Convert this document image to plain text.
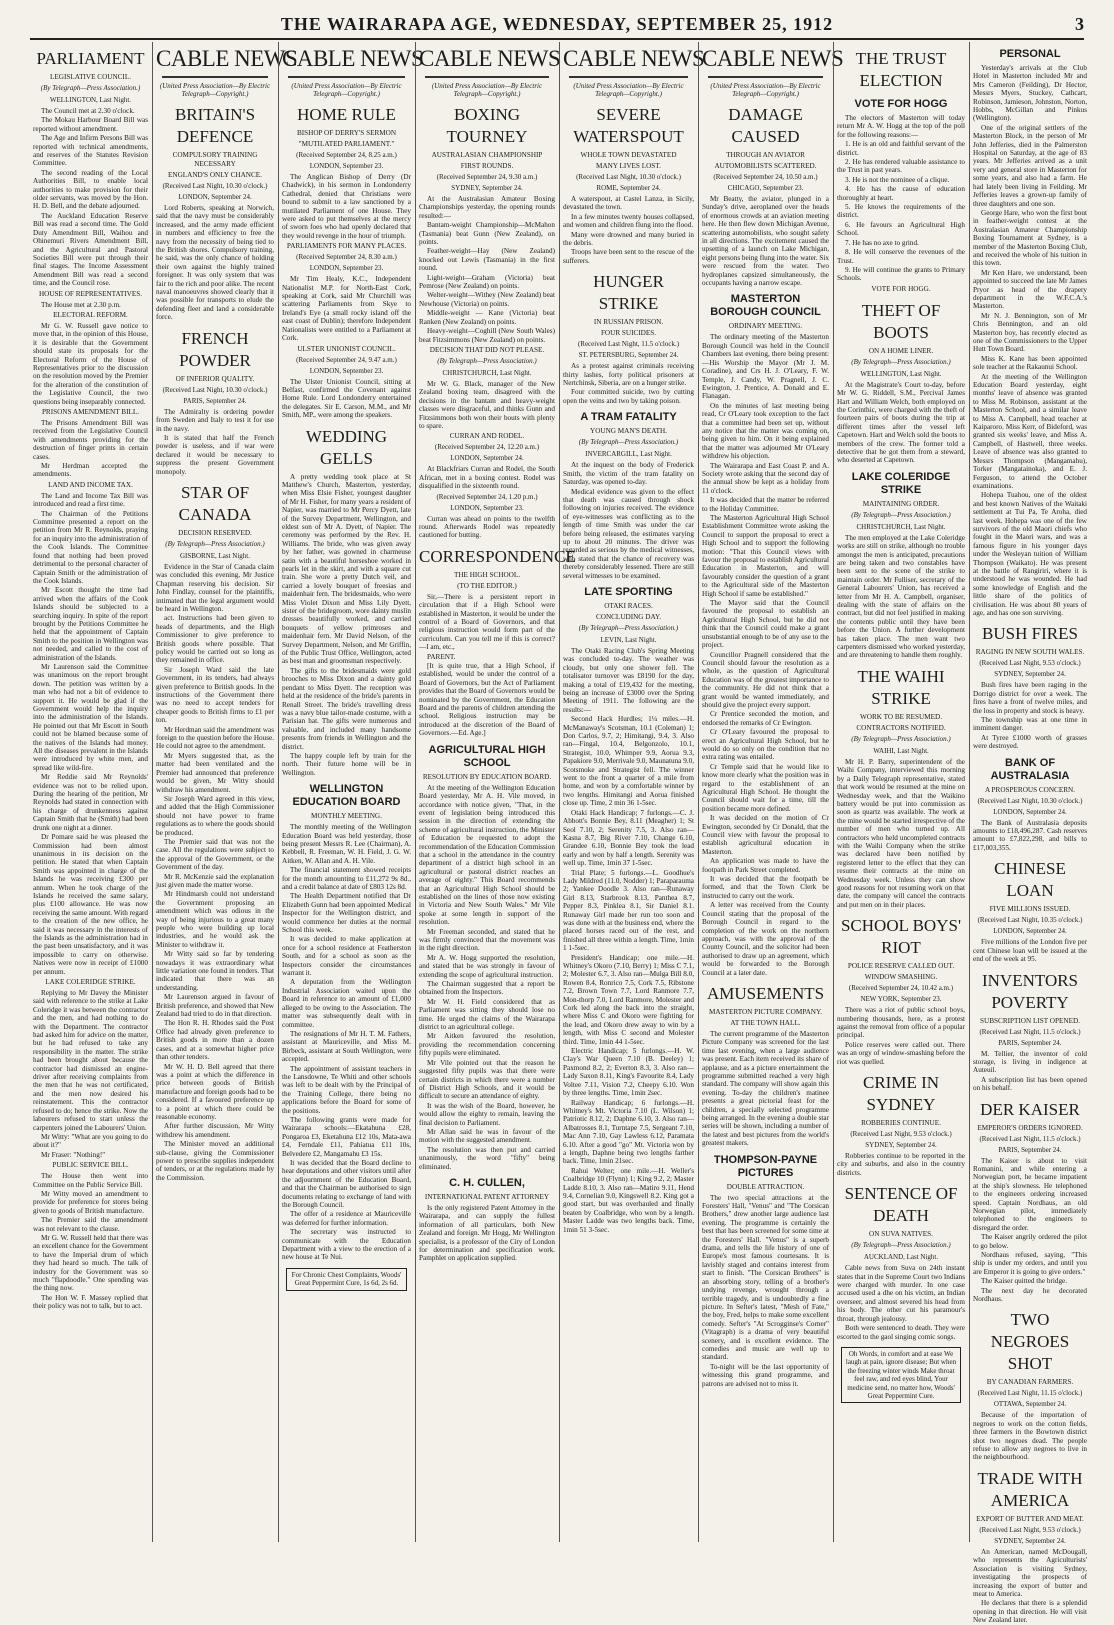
THE WAIRARAPA AGE, WEDNESDAY, SEPTEMBER 25, 1912	3
PARLIAMENT
LEGISLATIVE COUNCIL.
(By Telegraph—Press Association.)
WELLINGTON, Last Night.

The Council met at 2.30 o'clock.

The Mokau Harbour Board Bill was reported without amendment.

The Age and Infirm Persons Bill was reported with technical amendments, and reserves of the Statutes Revision Committee.

The second reading of the Local Authorities Bill, to enable local authorities to make provision for their older servants, was moved by the Hon. H. D. Bell, and the debate adjourned.

The Auckland Education Reserve Bill was read a second time. The Gold Duty Amendment Bill, Waihou and Ohinemuri Rivers Amendment Bill, and the Agricultural and Pastoral Societies Bill were put through their final stages. The Income Assessment Amendment Bill was read a second time, and the Council rose.

HOUSE OF REPRESENTATIVES.

The House met at 2.30 p.m.

ELECTORAL REFORM.

Mr G. W. Russell gave notice to move that, in the opinion of this House, it is desirable that the Government should state its proposals for the Electoral Reform of the House of Representatives prior to the discussion on the resolution moved by the Premier for the alteration of the constitution of the Legislative Council, the two questions being inseparably connected.

PRISONS AMENDMENT BILL.

The Prisons Amendment Bill was received from the Legislative Council with amendments providing for the destruction of finger prints in certain cases.

Mr Herdman accepted the amendments.

LAND AND INCOME TAX.

The Land and Income Tax Bill was introduced and read a first time.

The Chairman of the Petitions Committee presented a report on the petition from Mr R. Reynolds, praying for an inquiry into the administration of the Cook Islands. The Committee found that nothing had been proved detrimental to the personal character of Captain Smith or the administration of the Cook Islands.

Mr Escott thought the time had arrived when the affairs of the Cook Islands should be subjected to a searching inquiry. In spite of the report brought by the Petitions Committee he held that the appointment of Captain Smith to the position in Wellington was not needed, and called to the cost of administration of the Islands.

Mr Laurenson said the Committee was unanimous on the report brought down. The petition was written by a man who had not a bit of evidence to support it. He would be glad if the Government would help the inquiry into the administration of the Islands. He pointed out that Mr Escott in South could not be blamed because some of the natives of the Islands had money. All the diseases prevalent in the Islands were introduced by white men, and spread like wild-fire.

Mr Reddie said Mr Reynolds' evidence was not to be relied upon. During the hearing of the petition, Mr Reynolds had stated in connection with his charge of drunkenness against Captain Smith that he (Smith) had been drunk one night at a dinner.

Dr Pomare said he was pleased the Commission had been almost unanimous in its decision on the petition. He stated that when Captain Smith was appointed in charge of the Islands he was receiving £300 per annum. When he took charge of the Islands he received the same salary, plus £100 allowance. He was now receiving the same amount. With regard to the creation of the new office, he said it was necessary in the interests of the Islands as the administration had in the past been unsatisfactory, and it was impossible to carry on otherwise. Natives were now in receipt of £1000 per annum.

LAKE COLERIDGE STRIKE.

Replying to Mr Davey the Minister said with reference to the strike at Lake Coleridge it was between the contractor and the men, and had nothing to do with the Department. The contractor had asked him for advice on the matter, but he had refused to take any responsibility in the matter. The strike had been brought about because the contractor had dismissed an engine-driver after receiving complaints from the men that he was not certificated, and the men now desired his reinstatement. This the contractor refused to do; hence the strike. Now the labourers refused to start unless the carpenters joined the Labourers' Union.

Mr Witty: "What are you going to do about it?"

Mr Fraser: "Nothing!"

PUBLIC SERVICE BILL.

The House then went into Committee on the Public Service Bill.

Mr Witty moved an amendment to provide for preference for stores being given to goods of British manufacture.

The Premier said the amendment was not relevant to the clause.

Mr G. W. Russell held that there was an excellent chance for the Government to have the Imperial drum of which they had heard so much. The talk of industry for the Government was so much "flapdoodle." One spending was the thing now.

The Hon W. F. Massey replied that their policy was not to talk, but to act.

CABLE NEWS
(United Press Association—By Electric Telegraph—Copyright.)
BRITAIN'S DEFENCE
COMPULSORY TRAINING NECESSARY
ENGLAND'S ONLY CHANCE.
(Received Last Night, 10.30 o'clock.)
LONDON, September 24.

Lord Roberts, speaking at Norwich, said that the navy must be considerably increased, and the army made efficient in numbers and efficiency to free the navy from the necessity of being tied to the British shores. Compulsory training, he said, was the only chance of holding their own against the highly trained foreigner. It was only system that was fair to the rich and poor alike. The recent naval manoeuvres showed clearly that it was possible for transports to elude the defending fleet and land a considerable force.

FRENCH POWDER
OF INFERIOR QUALITY.
(Received Last Night, 10.30 o'clock.)
PARIS, September 24.

The Admiralty is ordering powder from Sweden and Italy to test it for use in the navy.

It is stated that half the French powder is useless, and if war were declared it would be necessary to suppress the present Government monopoly.

STAR OF CANADA
DECISION RESERVED.
(By Telegraph—Press Association.)
GISBORNE, Last Night.

Evidence in the Star of Canada claim was concluded this evening, Mr Justice Chapman reserving his decision. Sir John Findlay, counsel for the plaintiffs, intimated that the legal argument would be heard in Wellington.

act. Instructions had been given to heads of departments, and the High Commissioner to give preference to British goods where possible. That policy would be carried out so long as they remained in office.

Sir Joseph Ward said the late Government, in its tenders, had always given preference to British goods. In the instructions of the Government there was no need to accept tenders for cheaper goods to British firms to £1 per ton.

Mr Herdman said the amendment was foreign to the question before the House. He could not agree to the amendment.

Mr Myers suggested that, as the matter had been ventilated and the Premier had announced that preference would be given, Mr Witty should withdraw his amendment.

Sir Joseph Ward agreed in this view, and added that the High Commissioner should not have power to frame regulations as to where the goods should be produced.

The Premier said that was not the case. All the regulations were subject to the approval of the Government, or the Government of the day.

Mr R. McKenzie said the explanation just given made the matter worse.

Mr Hindmarsh could not understand the Government proposing an amendment which was odious in the way of being injurious to a great many people who were building up local industries, and he would ask the Minister to withdraw it.

Mr Witty said so far by tendering nowadays it was extraordinary what little variation one found in tenders. That indicated that there was an understanding.

Mr Laurenson argued in favour of British preference, and showed that New Zealand had tried to do in that direction.

The Hon R. H. Rhodes said the Post Office had already given preference to British goods in more than a dozen cases, and at a somewhat higher price than other tenders.

Mr W. H. D. Bell agreed that there was a point at which the difference in price between goods of British manufacture and foreign goods had to be considered. If a favoured preference up to a point at which there could be reasonable economy.

After further discussion, Mr Witty withdrew his amendment.

The Minister moved an additional sub-clause, giving the Commissioner power to prescribe supplies independent of tenders, or at the regulations made by the Commission.

CABLE NEWS
(United Press Association—By Electric Telegraph—Copyright.)
HOME RULE
BISHOP OF DERRY'S SERMON
"MUTILATED PARLIAMENT."
(Received September 24, 8.25 a.m.)
LONDON, September 23.

The Anglican Bishop of Derry (Dr Chadwick), in his sermon in Londonderry Cathedral, denied that Christians were bound to submit to a law sanctioned by a mutilated Parliament of one House. They were asked to put themselves at the mercy of sworn foes who had openly declared that they would revenge in the hour of triumph.

PARLIAMENTS FOR MANY PLACES.
(Received September 24, 8.30 a.m.)
LONDON, September 23.

Mr Tim Healy, K.C., Independent Nationalist M.P. for North-East Cork, speaking at Cork, said Mr Churchill was scattering Parliaments from Skye to Ireland's Eye (a small rocky island off the east coast of Dublin); therefore Independent Nationalists were entitled to a Parliament at Cork.

ULSTER UNIONIST COUNCIL.
(Received September 24, 9.47 a.m.)
LONDON, September 23.

The Ulster Unionist Council, sitting at Belfast, confirmed the Covenant against Home Rule. Lord Londonderry entertained the delegates. Sir E. Carson, M.M., and Mr Smith, MP., were among the speakers.

WEDDING GELLS

A pretty wedding took place at St Matthew's Church, Masterton, yesterday, when Miss Elsie Fisher, youngest daughter of Mr H. Fisher, for many years a resident of Napier, was married to Mr Percy Dyett, late of the Survey Department, Wellington, and eldest son of Mr A. Dyett, of Napier. The ceremony was performed by the Rev. H. Williams. The bride, who was given away by her father, was gowned in charmeuse satin with a beautiful horseshoe worked in pearls let in the skirt, and with a square cut train. She wore a pretty Dutch veil, and carried a lovely bouquet of freesias and maidenhair fern. The bridesmaids, who were Miss Violet Dixon and Miss Lily Dyett, sister of the bridegroom, wore dainty muslin dresses beautifully worked, and carried bouquets of yellow primroses and maidenhair fern. Mr David Nelson, of the Survey Department, Nelson, and Mr Griffin, of the Public Trust Office, Wellington, acted as best man and groomsman respectively.

The gifts to the bridesmaids were gold brooches to Miss Dixon and a dainty gold pendant to Miss Dyett. The reception was held at the residence of the bride's parents in Renall Street. The bride's travelling dress was a navy blue tailor-made costume, with a Parisian hat. The gifts were numerous and valuable, and included many handsome presents from friends in Wellington and the district.

The happy couple left by train for the north. Their future home will be in Wellington.

WELLINGTON EDUCATION BOARD
MONTHLY MEETING.

The monthly meeting of the Wellington Education Board was held yesterday, those being present Messrs R. Lee (Chairman), A. Kebbell, R. Freeman, W. H. Field, J. G. W. Aitken, W. Allan and A. H. Vile.

The financial statement showed receipts for the month amounting to £11,272 9s 8d., and a credit balance at date of £803 12s 8d.

The Health Department notified that Dr Elizabeth Gunn had been appointed Medical Inspector for the Wellington district, and would commence her duties at the normal School this week.

It was decided to make application at once for a school residence at Featherston South, and for a school as soon as the Inspectors consider the circumstances warrant it.

A deputation from the Wellington Industrial Association waited upon the Board in reference to an amount of £1,000 alleged to be owing to the Association. The matter was subsequently dealt with in committee.

The resignations of Mr H. T. M. Fathers, assistant at Mauriceville, and Miss M. Birbeck, assistant at South Wellington, were accepted.

The appointment of assistant teachers in the Lansdowne, Te Whiti and other schools was left to be dealt with by the Principal of the Training College, there being no applications before the Board for some of the positions.

The following grants were made for Wairarapa schools:—Ekatahuna £28, Pongaroa £3, Eketahuna £12 10s, Mata-awa £4, Ferndale £11, Pahiatua £11 10s, Belvedere £2, Mangamahu £3 15s.

It was decided that the Board decline to hear deputations and other visitors until after the adjournment of the Education Board, and that the Chairman be authorised to sign documents relating to exchange of land with the Borough Council.

The offer of a residence at Mauriceville was deferred for further information.

The secretary was instructed to communicate with the Education Department with a view to the erection of a new house at Te Nui.

For Chronic Chest Complaints, Woods' Great Peppermint Cure, 1s 6d, 2s 6d.
CABLE NEWS
(United Press Association—By Electric Telegraph—Copyright.)
BOXING TOURNEY
AUSTRALASIAN CHAMPIONSHIP
FIRST ROUNDS.
(Received September 24, 9.30 a.m.)
SYDNEY, September 24.

At the Australasian Amateur Boxing Championships yesterday, the opening rounds resulted:—

Bantam-weight Championship—McMahon (Tasmania) beat Gunn (New Zealand), on points.

Feather-weight—Hay (New Zealand) knocked out Lewis (Tasmania) in the first round.

Light-weight—Graham (Victoria) beat Pemrose (New Zealand) on points.

Welter-weight—Withey (New Zealand) beat Newhouse (Victoria) on points.

Middle-weight — Kane (Victoria) beat Ranken (New Zealand) on points.

Heavy-weight—Coghill (New South Wales) beat Fitzsimmons (New Zealand) on points.

DECISION THAT DID NOT PLEASE.
(By Telegraph—Press Association.)
CHRISTCHURCH, Last Night.

Mr W. G. Black, manager of the New Zealand boxing team, disagreed with the decisions in the bantam and heavy-weight classes were disgraceful, and thinks Gunn and Fitzsimmons both won their bouts with plenty to spare.

CURRAN AND RODEL.
(Received September 24, 12.20 a.m.)
LONDON, September 24.

At Blackfriars Curran and Rodel, the South African, met in a boxing contest. Rodel was disqualified in the sixteenth round.

(Received September 24, 1.20 p.m.)
LONDON, September 23.

Curran was ahead on points to the twelfth round. Afterwards Rodel was repeatedly cautioned for butting.

CORRESPONDENCE
THE HIGH SCHOOL.
(TO THE EDITOR.)

Sir,—There is a persistent report in circulation that if a High School were established in Masterton, it would be under the control of a Board of Governors, and that religious instruction would form part of the curriculum. Can you tell me if this is correct?—I am, etc.,

PARENT.

[It is quite true, that a High School, if established, would be under the control of a Board of Governors, but the Act of Parliament provides that the Board of Governors would be nominated by the Government, the Education Board and the parents of children attending the school. Religious instruction may be introduced at the discretion of the Board of Governors.—Ed. Age.]

AGRICULTURAL HIGH SCHOOL
RESOLUTION BY EDUCATION BOARD.

At the meeting of the Wellington Education Board yesterday, Mr A. H. Vile moved, in accordance with notice given, "That, in the event of legislation being introduced this session in the direction of extending the scheme of agricultural instruction, the Minister of Education be requested to adopt the recommendation of the Education Commission that a school in the attendance in the country department of a district high school in an agricultural or pastoral district reaches an average of eighty." This Board recommends that an Agricultural High School should be established on the lines of those now existing in Victoria and New South Wales." Mr Vile spoke at some length in support of the resolution.

Mr Freeman seconded, and stated that he was firmly convinced that the movement was in the right direction.

Mr A. W. Hogg supported the resolution, and stated that he was strongly in favour of extending the scope of agricultural instruction.

The Chairman suggested that a report be obtained from the Inspectors.

Mr W. H. Field considered that as Parliament was sitting they should lose no time. He urged the claims of the Wairarapa district to an agricultural college.

Mr Aitken favoured the resolution, providing the recommendation concerning fifty pupils were eliminated.

Mr Vile pointed out that the reason he suggested fifty pupils was that there were certain districts in which there were a number of District High Schools, and it would be difficult to secure an attendance of eighty.

It was the wish of the Board, however, he would allow the eighty to remain, leaving the final decision to Parliament.

Mr Allan said he was in favour of the motion with the suggested amendment.

The resolution was then put and carried unanimously, the word "fifty" being eliminated.

C. H. CULLEN,
INTERNATIONAL PATENT ATTORNEY

Is the only registered Patent Attorney in the Wairarapa, and can supply the fullest information of all particulars, both New Zealand and foreign. Mr Hogg, Mr Wellington specialist, is a professor of the City of London for determination and specification work. Pamphlet on application supplied.

CABLE NEWS
(United Press Association—By Electric Telegraph—Copyright.)
SEVERE WATERSPOUT
WHOLE TOWN DEVASTATED
MANY LIVES LOST.
(Received Last Night, 10.30 o'clock.)
ROME, September 24.

A waterspout, at Castel Lanza, in Sicily, devastated the town.

In a few minutes twenty houses collapsed, and women and children flung into the flood.

Many were drowned and many buried in the debris.

Troops have been sent to the rescue of the sufferers.

HUNGER STRIKE
IN RUSSIAN PRISON.
FOUR SUICIDES.
(Received Last Night, 11.5 o'clock.)
ST. PETERSBURG, September 24.

As a protest against criminals receiving thirty lashes, forty political prisoners at Nertchinsk, Siberia, are on a hunger strike.

Four committed suicide, two by cutting open the veins and two by taking poison.

A TRAM FATALITY
YOUNG MAN'S DEATH.
(By Telegraph—Press Association.)
INVERCARGILL, Last Night.

At the inquest on the body of Frederick Smith, the victim of the tram fatality on Saturday, was opened to-day.

Medical evidence was given to the effect that death was caused through shock following on injuries received. The evidence of eye-witnesses was conflicting as to the length of time Smith was under the car before being released, the estimates varying up to about 20 minutes. The driver was regarded as serious by the medical witnesses, who stated that the chance of recovery was thereby considerably lessened. There are still several witnesses to be examined.

LATE SPORTING
OTAKI RACES.
CONCLUDING DAY.
(By Telegraph—Press Association.)
LEVIN, Last Night.

The Otaki Racing Club's Spring Meeting was concluded to-day. The weather was cloudy, but only one shower fell. The totalisator turnover was £8190 for the day, making a total of £19,432 for the meeting, being an increase of £3000 over the Spring Meeting of 1911. The following are the results:—

Second Hack Hurdles; 1¼ miles.—H. McManaway's Scotsman, 10.1 (Coleman) 1; Don Carlos, 9.7, 2; Himitangi, 9.4, 3. Also ran—Fingal, 10.4, Belgonzolo, 10.1, Strategist, 10.0, Whimper 9.9, Aorua 9.3, Papakiore 9.0, Merrivale 9.0, Maunatuna 9.0, Scotsmoke and Strategist fell. The winner went to the front a quarter of a mile from home, and won by a comfortable winner by two lengths. Himitangi and Aorua finished close up. Time, 2 min 36 1-5sec.

Otaki Hack Handicap; 7 furlongs.—C. J. Abbott's Bonnie Bey, 8.11 (Meagher) 1; St Seol 7.10, 2; Serenity 7.5, 3. Also ran—Kasna 8.7, Big River 7.10, Change 6.10, Grandee 6.10, Bonnie Bey took the lead early and won by half a length. Serenity was well up. Time, 1min 37 1-5sec.

Trial Plate; 5 furlongs.—L. Goodhue's Lady Mildred (11.0, Nodder) 1; Paraparauma 2; Yankee Doodle 3. Also ran—Runaway Girl 8.13, Starbrook 8.13, Panthea 8.7, Pepper 8.3, Pinklea 8.1, Sir Daniel 8.1. Runaway Girl made her run too soon and was done with at the business end, where the placed horses raced out of the rest, and finished all three within a length. Time, 1min 1 1-5sec.

President's Handicap; one mile.—H. Whitney's Okoro (7.10, Berry) 1; Miss C 7.1, 2; Molester 6.7, 3. Also ran—Mulga Bill 8.0, Rowen 8.4, Ronrico 7.5, Cork 7.5, Ribstone 7.2, Brown Town 7.7, Lord Ranmore 7.7, Mon-thorp 7.0, Lord Ranmore, Molester and Cork led along the back into the straight, where Miss C and Okoro were fighting for the lead, and Okoro drew away to win by a length, with Miss C second and Molester third. Time, 1min 44 1-5sec.

Electric Handicap; 5 furlongs.—H. W. Clay's War Queen 7.10 (B. Deeley) 1; Paxmond 8.2, 2; Everton 8.3, 3. Also ran—Lady Saxon 8.11, King's Favourite 8.4, Lady Voltee 7.11, Vision 7.2, Cheepy 6.10. Won by three lengths. Time, 1min 2sec.

Railway Handicap; 6 furlongs.—H. Whitney's Mt. Victoria 7.10 (L. Wilson) 1; Patriotic 8.12, 2; Daphne 6.10, 3. Also ran—Albatrosses 8.1, Turntape 7.5, Sergeant 7.10, Mac Ann 7.10, Gay Lawless 6.12, Paramata 6.10. After a good "go" Mt. Victoria won by a length, Daphne being two lengths farther back. Time, 1min 21sec.

Rahui Welter; one mile.—H. Weller's Coalbridge 10 (Flynn) 1; King 9.2, 2; Master Ladde 8.10, 3. Also ran—Matiro 9.11, Hend 9.4, Cornelian 9.0, Kingswell 8.2. King got a good start, but was overhauled and finally beaten by Coalbridge, who won by a length. Master Ladde was two lengths back. Time, 1min 51 3-5sec.

CABLE NEWS
(United Press Association—By Electric Telegraph—Copyright.)
DAMAGE CAUSED
THROUGH AN AVIATOR
AUTOMOBILISTS SCATTERED.
(Received September 24, 10.50 a.m.)
CHICAGO, September 23.

Mr Beatty, the aviator, plunged in a Sunday's drive, aeroplaned over the heads of enormous crowds at an aviation meeting here. He then flew down Michigan Avenue, scattering automobilists, who sought safety in all directions. The excitement caused the upsetting of a launch on Lake Michigan, eight persons being flung into the water. Six were rescued from the water. Two hydroplanes capsized simultaneously, the occupants having a narrow escape.

MASTERTON BOROUGH COUNCIL
ORDINARY MEETING.

The ordinary meeting of the Masterton Borough Council was held in the Council Chambers last evening, there being present:—His Worship the Mayor (Mr J. M. Coradine), and Crs H. J. O'Leary, F. W. Temple, J. Candy, W. Pragnell, J. C. Ewington, J. Prentice, A. Donald and E. Flanagan.

On the minutes of last meeting being read, Cr O'Leary took exception to the fact that a committee had been set up, without any notice that the matter was coming on, being given to him. On it being explained that the matter was adjourned Mr O'Leary withdrew his objection.

The Wairarapa and East Coast P. and A. Society wrote asking that the second day of the annual show be kept as a holiday from 11 o'clock.

It was decided that the matter be referred to the Holiday Committee.

The Masterton Agricultural High School Establishment Committee wrote asking the Council to support the proposal to erect a High School and to support the following motion: "That this Council views with favour the proposal to establish Agricultural Education in Masterton, and will favourably consider the question of a grant to the Agricultural side of the Masterton High School if same be established."

The Mayor said that the Council favoured the proposal to establish an Agricultural High School, but he did not think that the Council could make a grant unsubstantial enough to be of any use to the project.

Councillor Pragnell considered that the Council should favour the resolution as a whole, as the question of Agricultural Education was of the greatest importance to the community. He did not think that a grant would be wanted immediately, and should give the project every support.

Cr Prentice seconded the motion, and endorsed the remarks of Cr Ewington.

Cr O'Leary favoured the proposal to erect an Agricultural High School, but he would do so only on the condition that no extra rating was entailed.

Cr Temple said that he would like to know more clearly what the position was in regard to the establishment of an Agricultural High School. He thought the Council should wait for a time, till the position became more defined.

It was decided on the motion of Cr Ewington, seconded by Cr Donald, that the Council view with favour the proposal to establish agricultural education in Masterton.

An application was made to have the footpath in Park Street completed.

It was decided that the footpath be formed, and that the Town Clerk be instructed to carry out the work.

A letter was received from the County Council stating that the proposal of the Borough Council in regard to the completion of the work on the northern approach, was with the approval of the County Council, and the solicitor had been authorised to draw up an agreement, which would be forwarded to the Borough Council at a later date.

AMUSEMENTS
MASTERTON PICTURE COMPANY.
AT THE TOWN HALL.

The current programme of the Masterton Picture Company was screened for the last time last evening, when a large audience was present. Each item received its share of applause, and as a picture entertainment the programme submitted reached a very high standard. The company will show again this evening. To-day the children's matinee presents a great pictorial feast for the children, a specially selected programme being arranged. In the evening a double star series will be shown, including a number of the latest and best pictures from the world's greatest makers.

THOMPSON-PAYNE PICTURES
DOUBLE ATTRACTION.

The two special attractions at the Foresters' Hall, "Venus" and "The Corsican Brothers," drew another large audience last evening. The programme is certainly the best that has been screened for some time at the Foresters' Hall. "Venus" is a superb drama, and tells the life history of one of Europe's most famous courtesans. It is lavishly staged and contains interest from start to finish. "The Corsican Brothers" is an absorbing story, telling of a brother's undying revenge, wrought through a terrible tragedy, and is undoubtedly a fine picture. In Sefter's latest, "Mesh of Fate," the boy, Fred, helps to make some excellent comedy. Sefter's "At Scrogginse's Corner" (Vitagraph) is a drama of very beautiful scenery, and is excellent evidence. The comedies and music are well up to standard.

To-night will be the last opportunity of witnessing this grand programme, and patrons are advised not to miss it.

THE TRUST ELECTION
VOTE FOR HOGG

The electors of Masterton will today return Mr A. W. Hogg at the top of the poll for the following reasons:—

1. He is an old and faithful servant of the district.

2. He has rendered valuable assistance to the Trust in past years.

3. He is not the nominee of a clique.

4. He has the cause of education thoroughly at heart.

5. He knows the requirements of the district.

6. He favours an Agricultural High School.

7. He has no axe to grind.

8. He will conserve the revenues of the Trust.

9. He will continue the grants to Primary Schools.

VOTE FOR HOGG.
THEFT OF BOOTS
ON A HOME LINER.
(By Telegraph—Press Association.)
WELLINGTON, Last Night.

At the Magistrate's Court to-day, before Mr W. G. Riddell, S.M., Percival James Hart and William Welch, both employed on the Corinthic, were charged with the theft of fourteen pairs of boots during the trip at different times after the vessel left Capetown. Hart and Welch sold the boots to members of the crew. The former told a detective that he got them from a steward, who deserted at Capetown.

LAKE COLERIDGE STRIKE
MAINTAINING ORDER.
(By Telegraph—Press Association.)
CHRISTCHURCH, Last Night.

The men employed at the Lake Coleridge works are still on strike, although no trouble amongst the men is anticipated, precautions are being taken and two constables have been sent to the scene of the strike to maintain order. Mr Fulliser, secretary of the General Labourers' Union, has received a letter from Mr H. A. Campbell, organiser, dealing with the state of affairs on the contract, but did not feel justified in making the contents public until they have been before the Union. A further development has taken place. The men want two carpenters dismissed who worked yesterday, and are threatening to handle them roughly.

THE WAIHI STRIKE
WORK TO BE RESUMED.
CONTRACTORS NOTIFIED.
(By Telegraph—Press Association.)
WAIHI, Last Night.

Mr H. P. Barry, superintendent of the Waihi Company, interviewed this morning by a Daily Telegraph representative, stated that work would be resumed at the mine on Wednesday week, and that the Waikino battery would be put into commission as soon as quartz was available. The work at the mine would be started irrespective of the number of men who turned up. All contractors who held uncompleted contracts with the Waihi Company when the strike was declared have been notified by registered letter to the effect that they can resume their contracts at the mine on Wednesday week. Unless they can show good reasons for not resuming work on that date, the company will cancel the contracts and put men on in their places.

SCHOOL BOYS' RIOT
POLICE RESERVE CALLED OUT.
WINDOW SMASHING.
(Received September 24, 10.42 a.m.)
NEW YORK, September 23.

There was a riot of public school boys, numbering thousands, here, as a protest against the removal from office of a popular principal.

Police reserves were called out. There was an orgy of window-smashing before the riot was quelled.

CRIME IN SYDNEY
ROBBERIES CONTINUE.
(Received Last Night, 9.53 o'clock.)
SYDNEY, September 24.

Robberies continue to be reported in the city and suburbs, and also in the country districts.

SENTENCE OF DEATH
ON SUVA NATIVES.
(By Telegraph—Press Association.)
AUCKLAND, Last Night.

Cable news from Suva on 24th instant states that in the Supreme Court two Indians were charged with murder. In one case accused used a dhe on his victim, an Indian overseer, and almost severed his head from his body. The other cut his paramour's throat, through jealousy.

Both were sentenced to death. They were escorted to the gaol singing comic songs.

Oh Words, in comfort and at ease We laugh at pain, ignore disease; But when the freezing winter winds Make throat feel raw, and red eyes blind, Your medicine send, no matter how, Woods' Great Peppermint Cure.
PERSONAL

Yesterday's arrivals at the Club Hotel in Masterton included Mr and Mrs Cameron (Feilding), Dr Hector, Messrs Myers, Stuckey, Cathcart, Robinson, Jamieson, Johnston, Norton, Hobbs, McGillan and Pinkus (Wellington).

One of the original settlers of the Masterton Block, in the person of Mr John Jefferies, died in the Palmerston Hospital on Saturday, at the age of 83 years. Mr Jefferies arrived as a unit very and general store in Masterton for some years, and also had a farm. He had lately been living in Feilding. Mr Jefferies leaves a grown-up family of three daughters and one son.

George Hare, who won the first bout in feather-weight contest at the Australasian Amateur Championship Boxing Tournament at Sydney, is a member of the Masterton Boxing Club, and received the whole of his tuition in this town.

Mr Ken Hare, we understand, been appointed to succeed the late Mr James Pryor as head of the drapery department in the W.F.C.A.'s Masterton.

Mr N. J. Bennington, son of Mr Chris Bennington, and an old Masterton boy, has recently elected as one of the Commissioners to the Upper Hutt Town Board.

Miss K. Kane has been appointed sole teacher at the Rakaunui School.

At the meeting of the Wellington Education Board yesterday, eight months' leave of absence was granted to Miss M. Robinson, assistant at the Masterton School, and a similar leave to Miss A. Campbell, head teacher at Kaiparoro. Miss Kerr, of Bideford, was granted six weeks' leave, and Miss A. Campbell, of Hastwell, three weeks. Leave of absence was also granted to Messrs Thompson (Mangamahu), Torker (Mangatainoka), and E. J. Ferguson, to attend the October examinations.

Hohepa Tuahou, one of the oldest and best known Natives of the Waitaki settlement at Tui Pa, Te Aroha, died last week. Hohepa was one of the few survivors of the old Maori chiefs who fought in the Maori wars, and was a famous figure in his younger days under the Wesleyan tuition of William Thompson (Waikato). He was present at the battle of Rangiriri, where it is understood he was wounded. He had some knowledge of English and the little share of the politics of civilisation. He was about 80 years of age, and has one son surviving.

BUSH FIRES
RAGING IN NEW SOUTH WALES.
(Received Last Night, 9.53 o'clock.)
SYDNEY, September 24.

Bush fires have been raging in the Dorrigo district for over a week. The fires have a front of twelve miles, and the loss in property and stock is heavy.

The township was at one time in imminent danger.

At Tyree £1000 worth of grasses were destroyed.

BANK OF AUSTRALASIA
A PROSPEROUS CONCERN.
(Received Last Night, 10.30 o'clock.)
LONDON, September 24.

The Bank of Australasia deposits amounts to £18,496,287. Cash reserves amount to £7,822,298, and bills to £17,003,355.

CHINESE LOAN
FIVE MILLIONS ISSUED.
(Received Last Night, 10.35 o'clock.)
LONDON, September 24.

Five millions of the London five per cent Chinese loan will be issued at the end of the week at 95.

INVENTORS POVERTY
SUBSCRIPTION LIST OPENED.
(Received Last Night, 11.5 o'clock.)
PARIS, September 24.

M. Tellier, the inventor of cold storage, is living in indigence at Auteuil.

A subscription list has been opened on his behalf.

DER KAISER
EMPEROR'S ORDERS IGNORED.
(Received Last Night, 11.5 o'clock.)
PARIS, September 24.

The Kaiser is about to visit Romanini, and while entering a Norwegian port, he became impatient at the ship's slowness. He telephoned to the engineers ordering increased speed. Captain Nordhaus, an old Norwegian pilot, immediately telephoned to the engineers to disregard the order.

The Kaiser angrily ordered the pilot to go below.

Nordhaus refused, saying, "This ship is under my orders, and until you are Emperor it is going to give orders."

The Kaiser quitted the bridge.

The next day he decorated Nordhaus.

TWO NEGROES SHOT
BY CANADIAN FARMERS.
(Received Last Night, 11.15 o'clock.)
OTTAWA, September 24.

Because of the importation of negroes to work on the cotton fields, three farmers in the Bowtown district shot two negroes dead. The people refuse to allow any negroes to live in the neighbourhood.

TRADE WITH AMERICA
EXPORT OF BUTTER AND MEAT.
(Received Last Night, 9.53 o'clock.)
SYDNEY, September 24.

An American, named McDougall, who represents the Agriculturists' Association is visiting Sydney, investigating the prospects of increasing the export of butter and meat to America.

He declares that there is a splendid opening in that direction. He will visit New Zealand later.
